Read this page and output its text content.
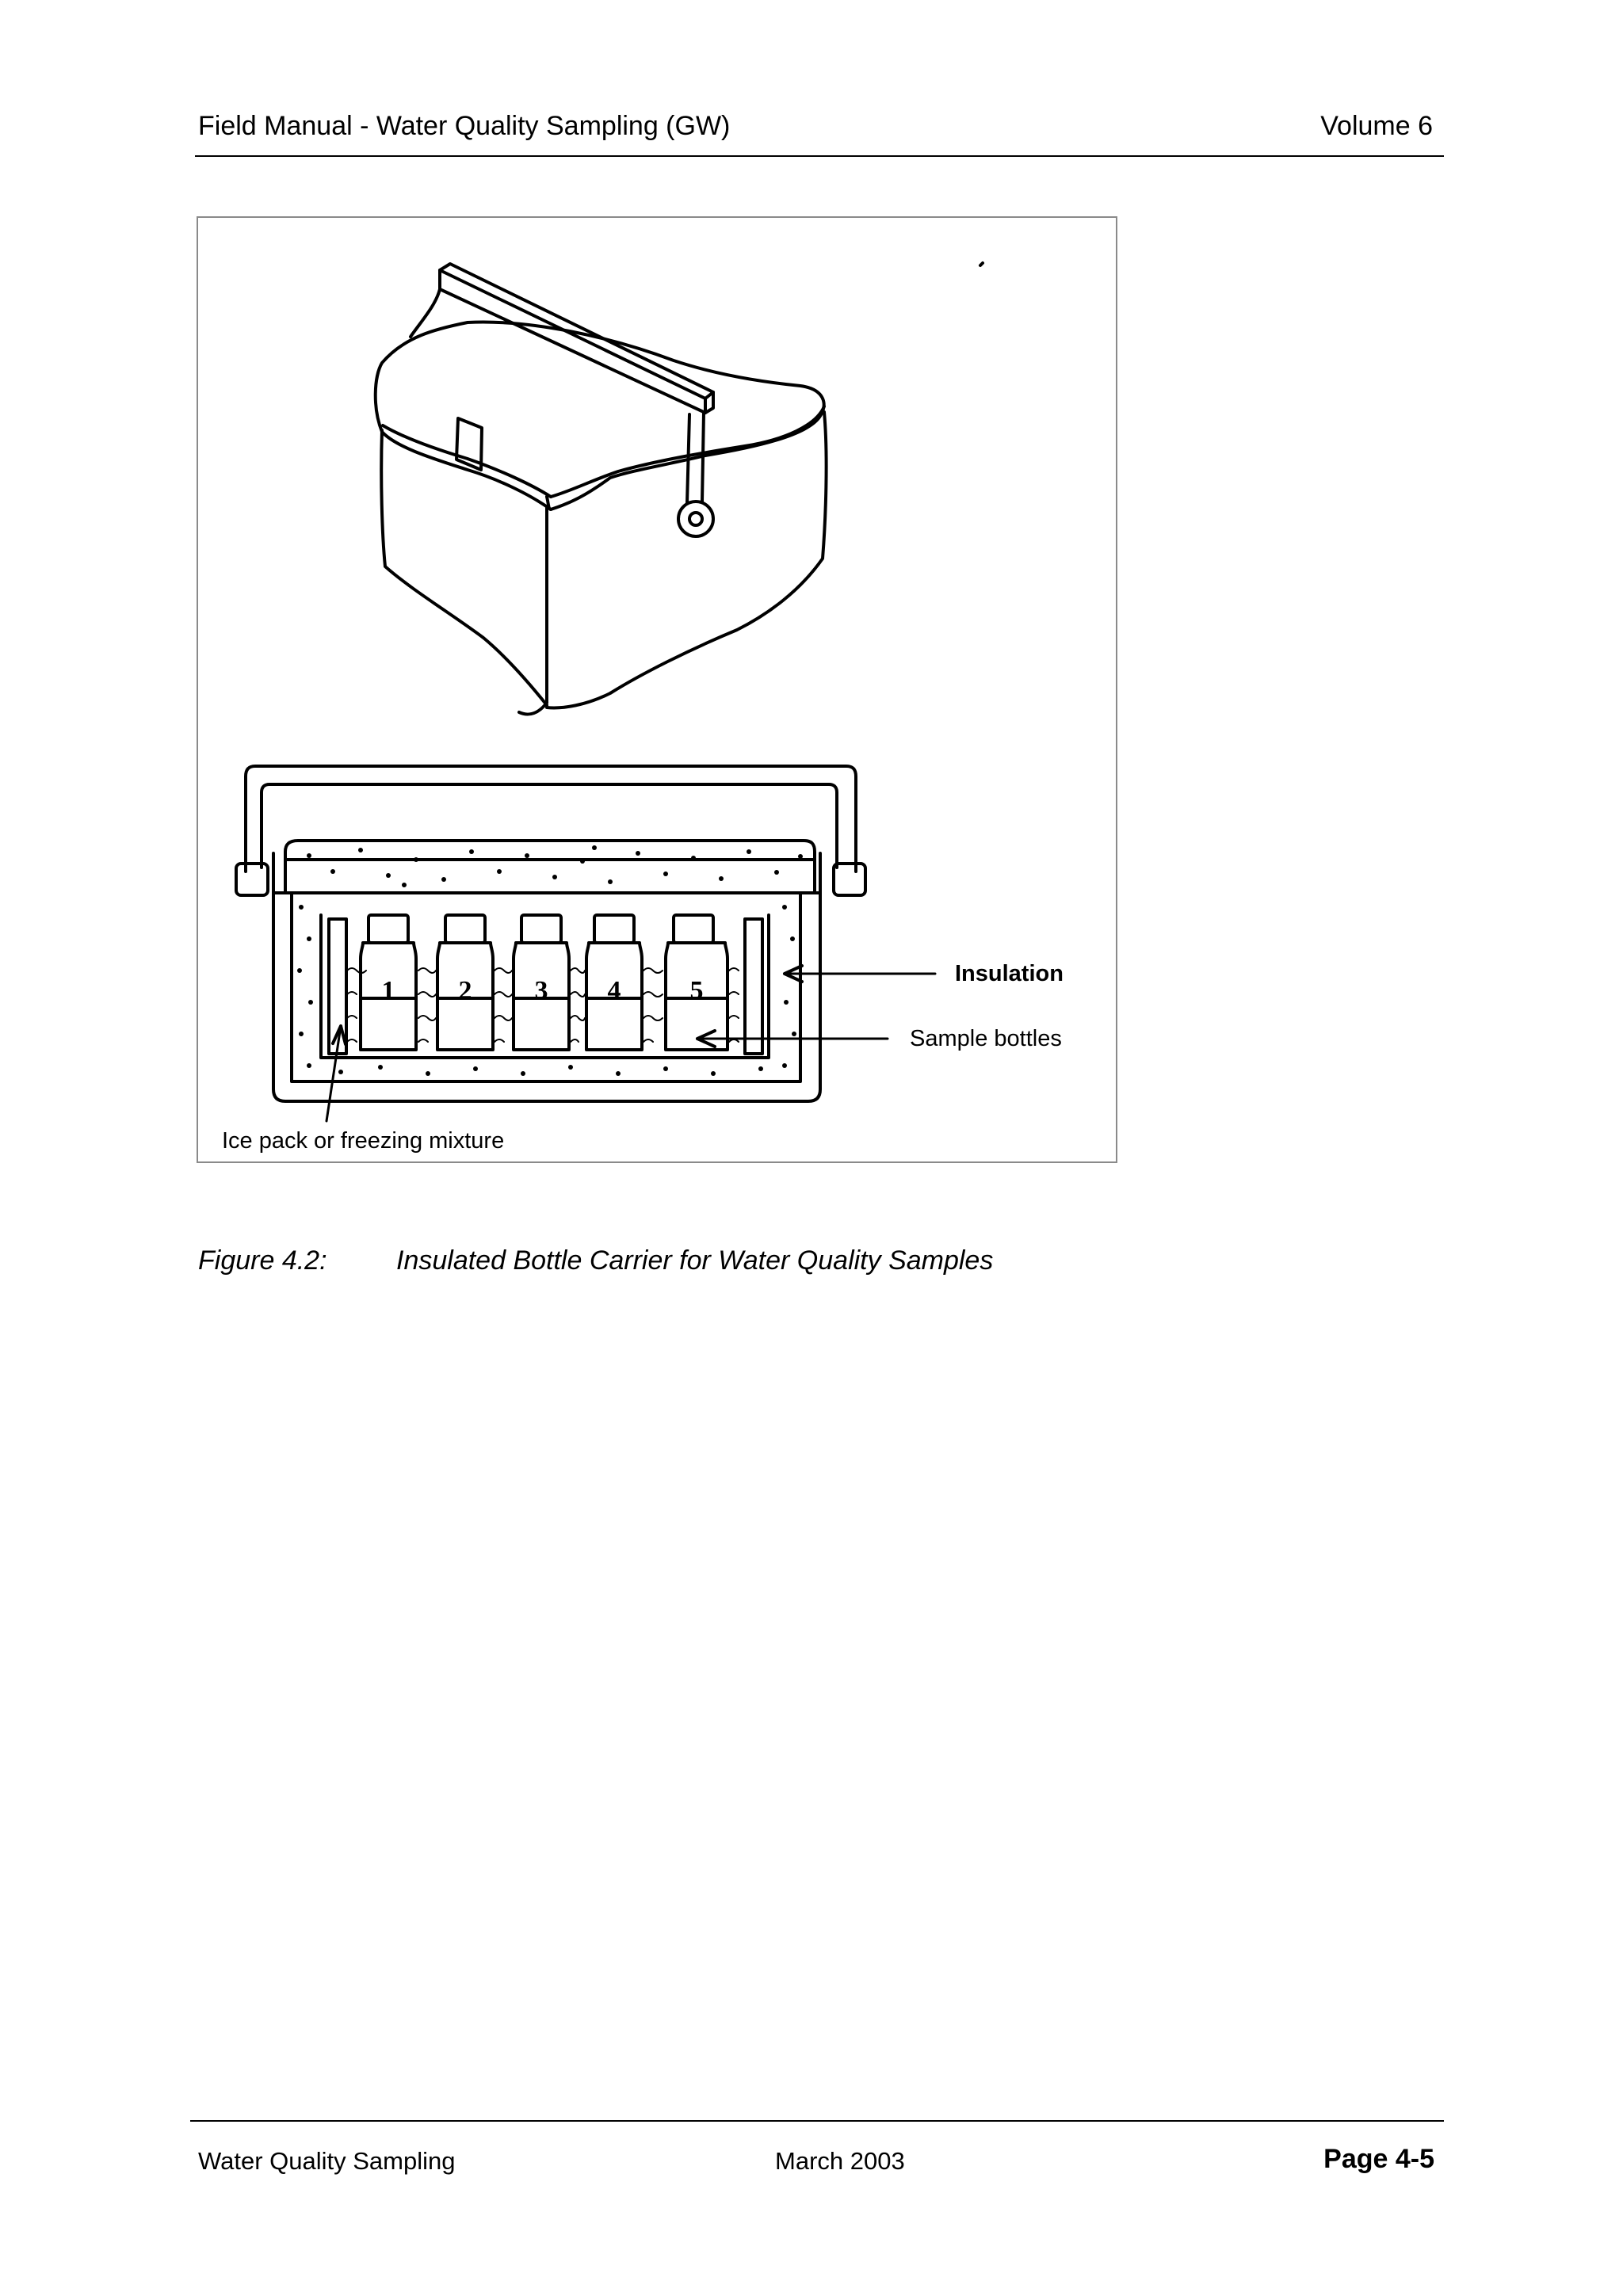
Field Manual - Water Quality Sampling (GW)	Volume 6
1 2 3 4	5
Insulation
Sample bottles
Ice pack or freezing mixture
Figure 4.2:	Insulated Bottle Carrier for Water Quality Samples
Water Quality Sampling	March 2003	Page 4-5
